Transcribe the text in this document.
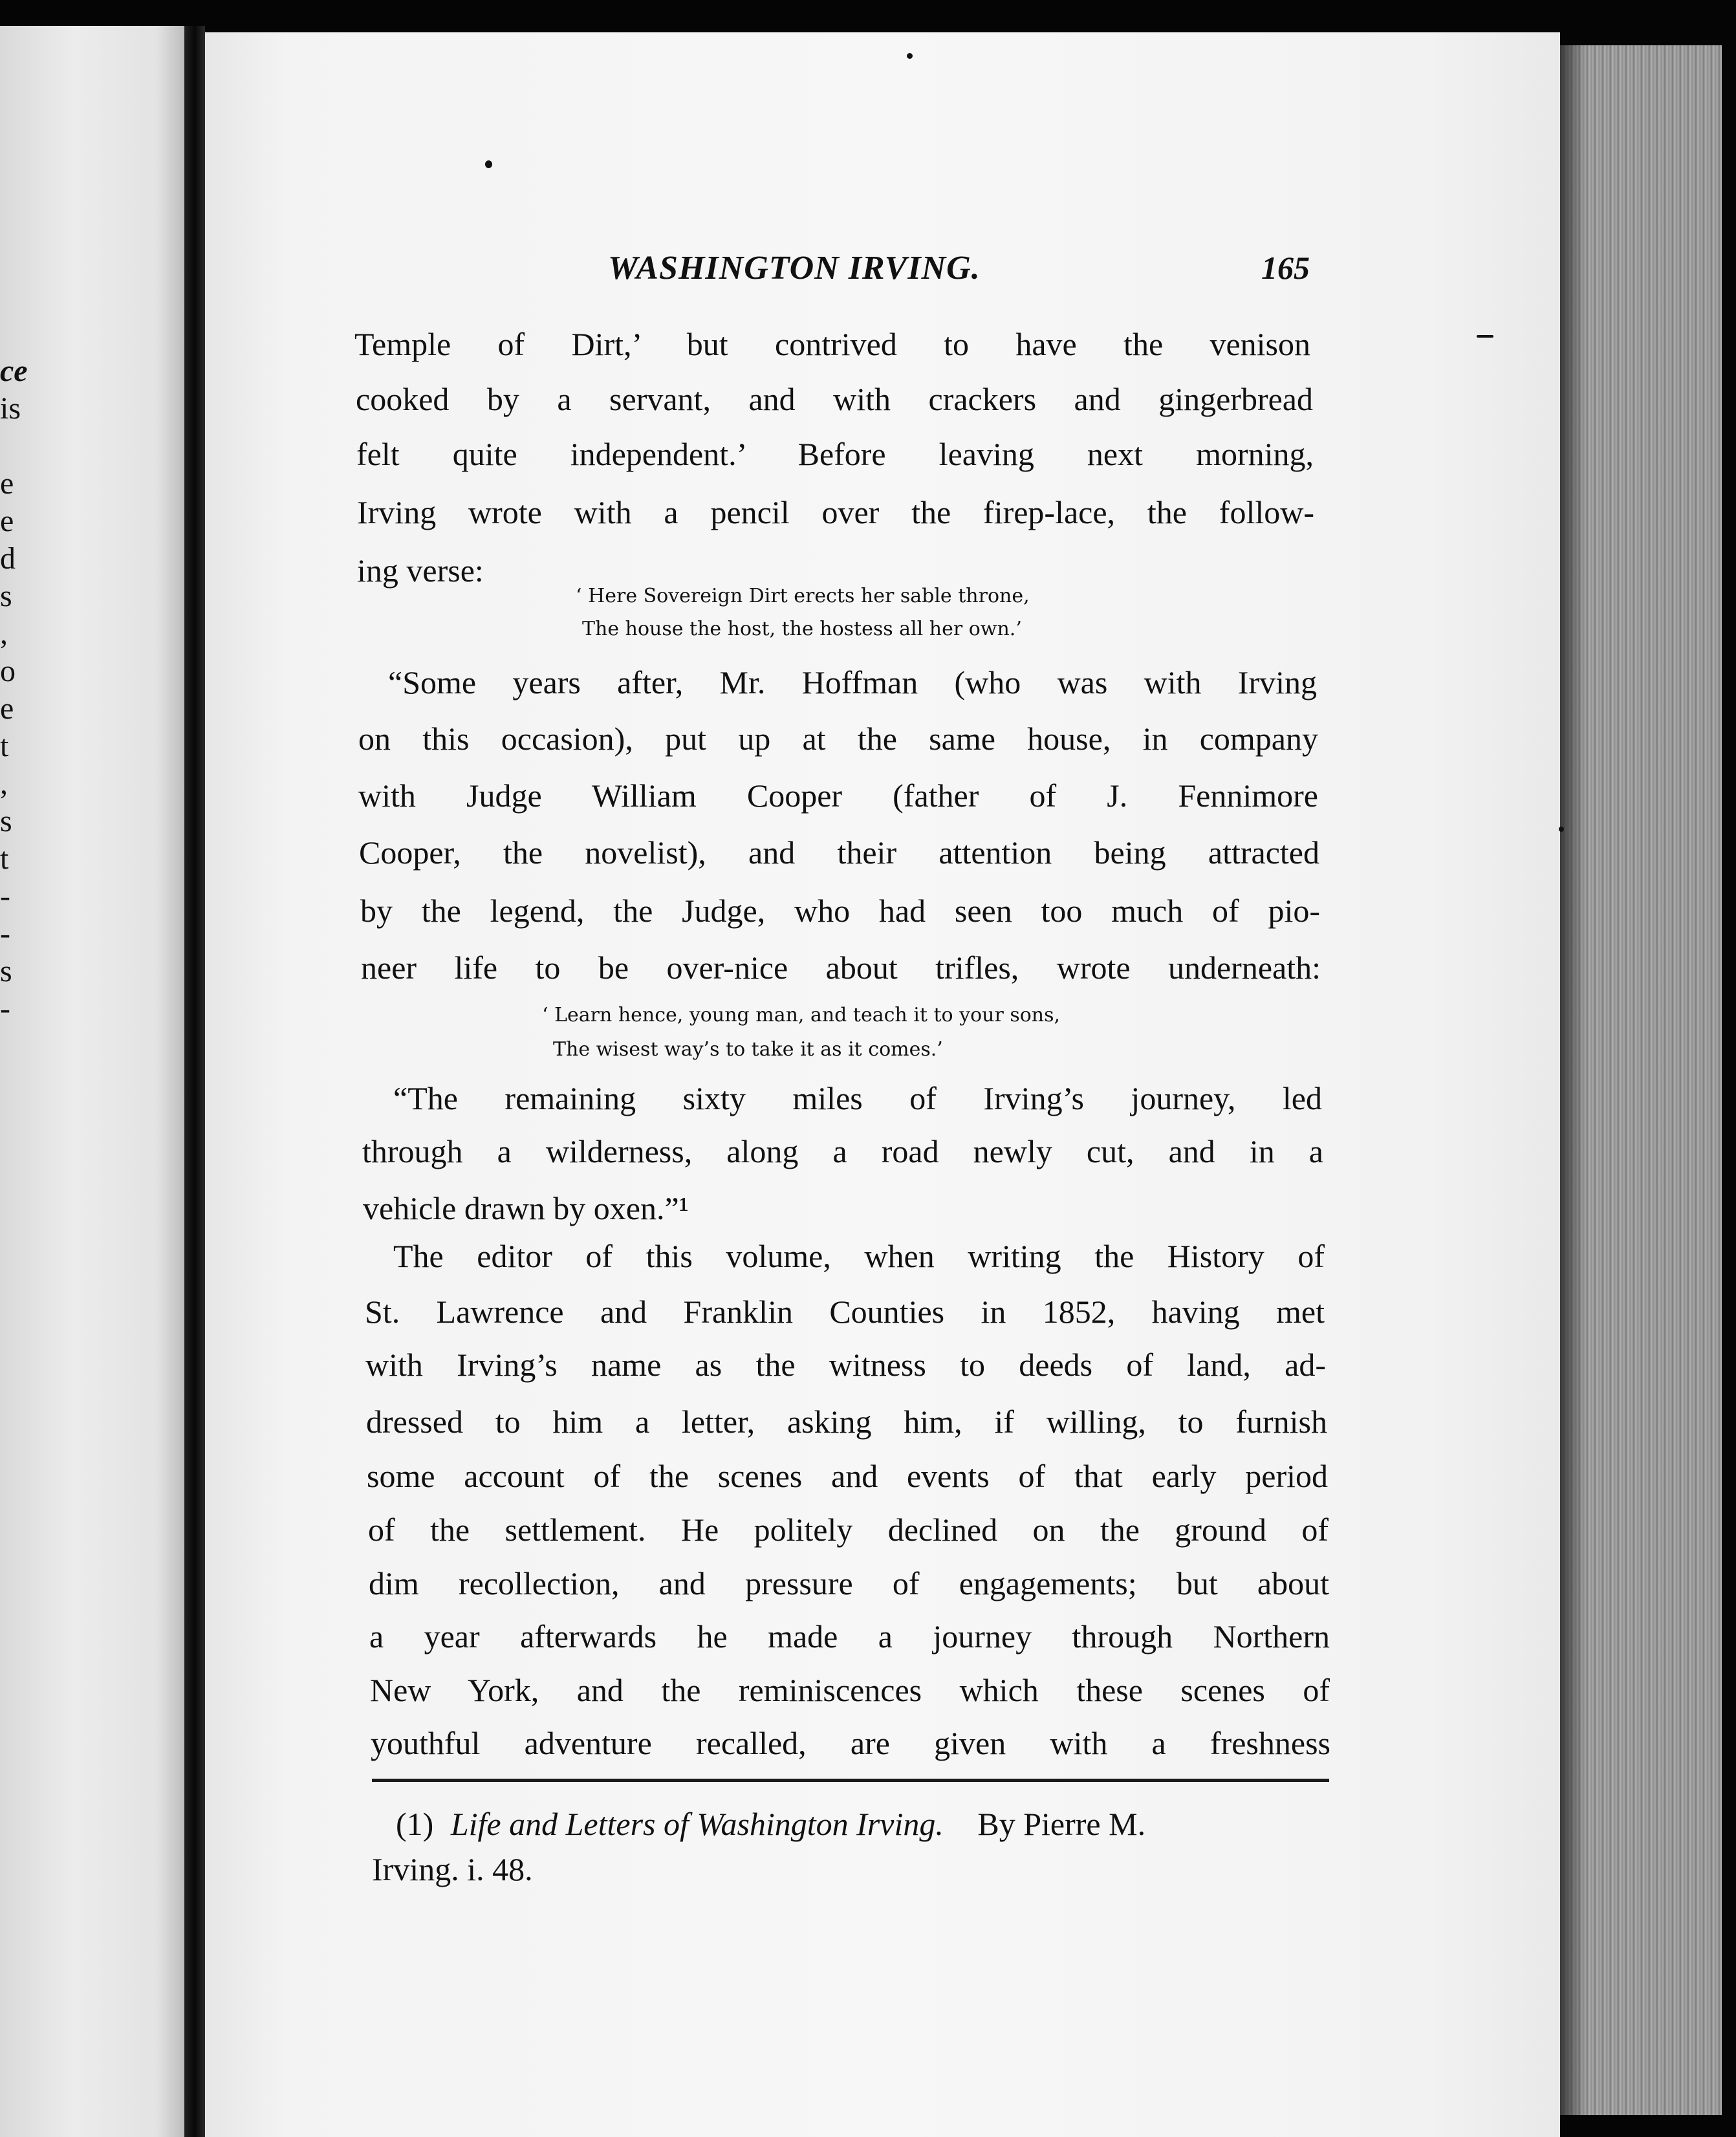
ce
is
e
e
d
s
,
o
e
t
,
s
t
-
-
s
-
WASHINGTON IRVING.	165
Temple of Dirt,’ but contrived to have the venison
cooked by a servant, and with crackers and gingerbread
felt quite independent.’ Before leaving next morning,
Irving wrote with a pencil over the firep-lace, the follow-
ing verse:
‘ Here Sovereign Dirt erects her sable throne,
The house the host, the hostess all her own.’
“Some years after, Mr. Hoffman (who was with Irving
on this occasion), put up at the same house, in company
with Judge William Cooper (father of J. Fennimore
Cooper, the novelist), and their attention being attracted
by the legend, the Judge, who had seen too much of pio-
neer life to be over-nice about trifles, wrote underneath:
‘ Learn hence, young man, and teach it to your sons,
The wisest way’s to take it as it comes.’
“The remaining sixty miles of Irving’s journey, led
through a wilderness, along a road newly cut, and in a
vehicle drawn by oxen.”¹
The editor of this volume, when writing the History of
St. Lawrence and Franklin Counties in 1852, having met
with Irving’s name as the witness to deeds of land, ad-
dressed to him a letter, asking him, if willing, to furnish
some account of the scenes and events of that early period
of the settlement. He politely declined on the ground of
dim recollection, and pressure of engagements; but about
a year afterwards he made a journey through Northern
New York, and the reminiscences which these scenes of
youthful adventure recalled, are given with a freshness
(1) Life and Letters of Washington Irving. By Pierre M.
Irving. i. 48.
